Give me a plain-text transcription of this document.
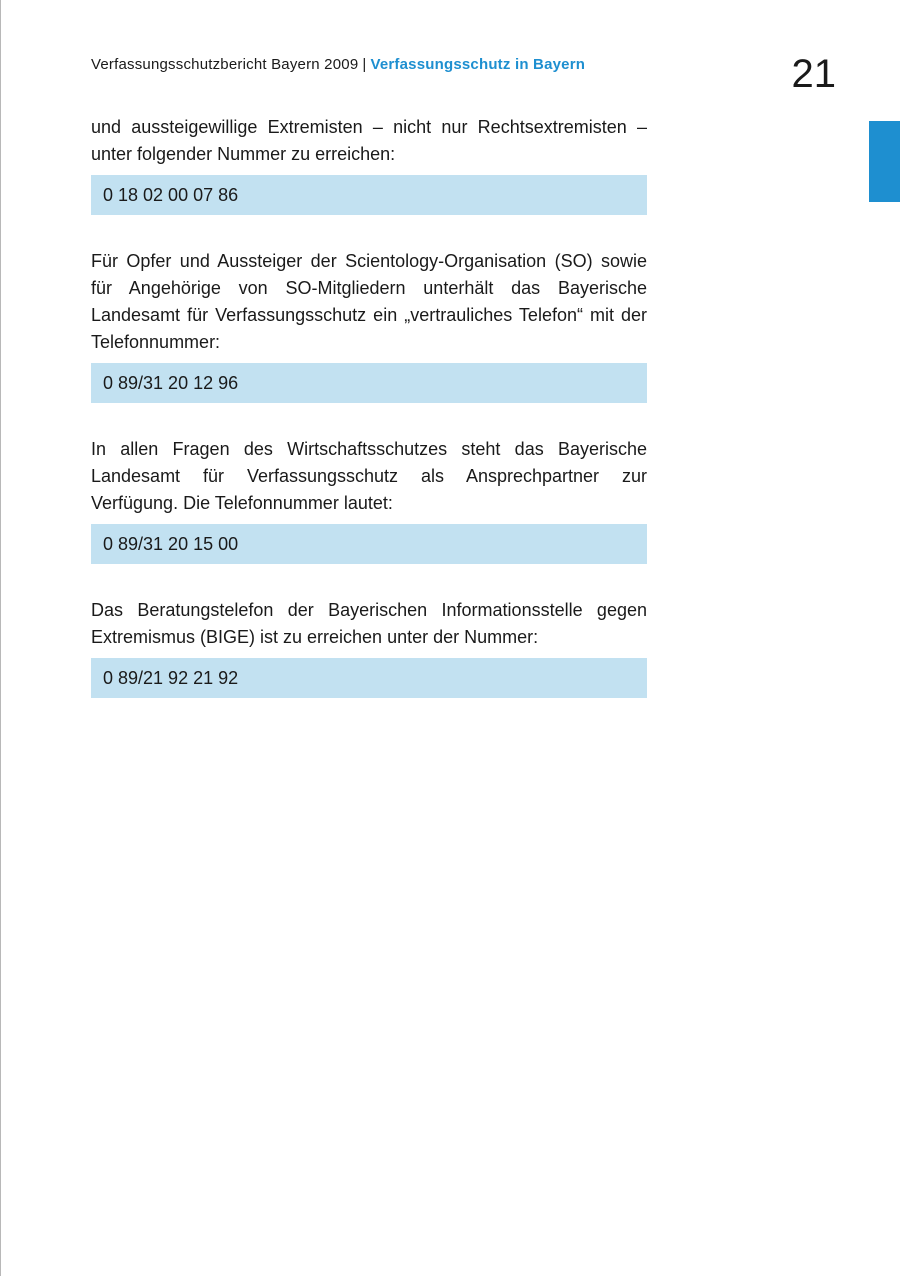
Verfassungsschutzbericht Bayern 2009 | Verfassungsschutz in Bayern	21

und aussteigewillige Extremisten – nicht nur Rechtsextremisten – unter folgender Nummer zu erreichen:

0 18 02 00 07 86

Für Opfer und Aussteiger der Scientology-Organisation (SO) sowie für Angehörige von SO-Mitgliedern unterhält das Bayerische Landesamt für Verfassungsschutz ein „vertrauliches Telefon“ mit der Telefonnummer:

0 89/31 20 12 96

In allen Fragen des Wirtschaftsschutzes steht das Bayerische Landesamt für Verfassungsschutz als Ansprechpartner zur Verfügung. Die Telefonnummer lautet:

0 89/31 20 15 00

Das Beratungstelefon der Bayerischen Informationsstelle gegen Extremismus (BIGE) ist zu erreichen unter der Nummer:

0 89/21 92 21 92
